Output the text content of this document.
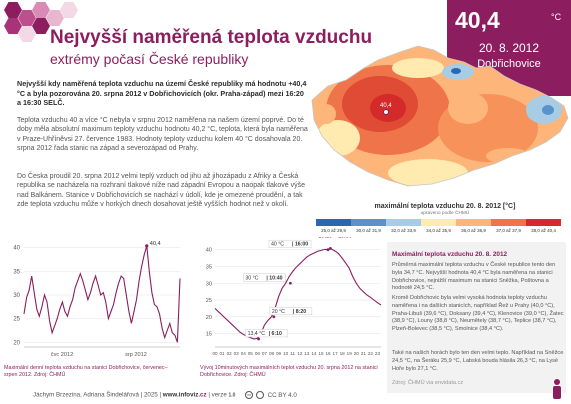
Nejvyšší naměřená teplota vzduchu
extrémy počasí České republiky
40,4	°C
20. 8. 2012
Dobřichovice
Nejvyšší kdy naměřená teplota vzduchu na území České republiky má hodnotu +40,4 °C a byla pozorována 20. srpna 2012 v Dobřichovicích (okr. Praha-západ) mezi 16:20 a 16:30 SELČ.
Teplota vzduchu 40 a více °C nebyla v srpnu 2012 naměřena na našem území poprvé. Do té doby měla absolutní maximum teploty vzduchu hodnotu 40,2 °C, teplota, která byla naměřena v Praze-Uhříněvsi 27. července 1983. Hodnoty teploty vzduchu kolem 40 °C dosahovala 20. srpna 2012 řada stanic na západ a severozápad od Prahy.
Do Česka proudil 20. srpna 2012 velmi teplý vzduch od jihu až jihozápadu z Afriky a Česká republika se nacházela na rozhraní tlakové níže nad západní Evropou a naopak tlakové výše nad Balkánem. Stanice v Dobřichovicích se nachází v údolí, kde je omezené proudění, a tak zde teplota vzduchu může v horkých dnech dosahovat ještě vyšších hodnot než v okolí.
40,4
maximální teplota vzduchu 20. 8. 2012 [°C]
upraveno podle ČHMÚ
25,0 až 29,9	30,0 až 31,9	32,0 až 33,9	34,0 až 35,9	36,0 až 36,9	37,0 až 37,9	38,0 až 40,4
20
25
30
35
40
čvc 2012	srp 2012
40,4
15
20
25
30
35
40
00 01 02 03 04 05 06 07 08 09 10 11 12 13 14 15 16 17 18 19 20 21 22 23
40 °C | 16:00
30 °C | 10:40
20 °C | 8:20
13,4 °C | 6:10
Maximální denní teplota vzduchu na stanici Dobřichovice, červenec–srpen 2012. Zdroj: ČHMÚ
Vývoj 10minutových maximálních teplot vzduchu 20. srpna 2012 na stanici Dobřichovice. Zdroj: ČHMÚ
Maximální teplota vzduchu 20. 8. 2012
Průměrná maximální teplota vzduchu v České republice tento den byla 34,7 °C. Nejvyšší hodnota 40,4 °C byla naměřena na stanici Dobřichovice, nejnižší maximum na stanici Sněžka, Poštovna a hodnotě 24,5 °C.
Kromě Dobřichovic byla velmi vysoká hodnota teploty vzduchu naměřena i na dalších stanicích, například Řež u Prahy (40,0 °C), Praha-Libuš (39,6 °C), Doksany (39,4 °C), Klenovice (39,0 °C), Žatec (38,9 °C), Louny (38,8 °C), Neumětely (38,7 °C), Teplice (38,7 °C), Plzeň-Bolevec (38,5 °C), Smolnice (38,4 °C).
Také na našich horách bylo ten den velmi teplo. Například na Sněžce 24,5 °C, na Šeráku 25,9 °C, Labská bouda hlásila 26,3 °C, na Lysé Hoře bylo 27,1 °C.
Zdroj: ČHMÚ via envidata.cz
Jáchym Brzezina, Adriana Šindelářová | 2025 | www.infoviz.cz | verze 1.0	cc	CC BY 4.0
